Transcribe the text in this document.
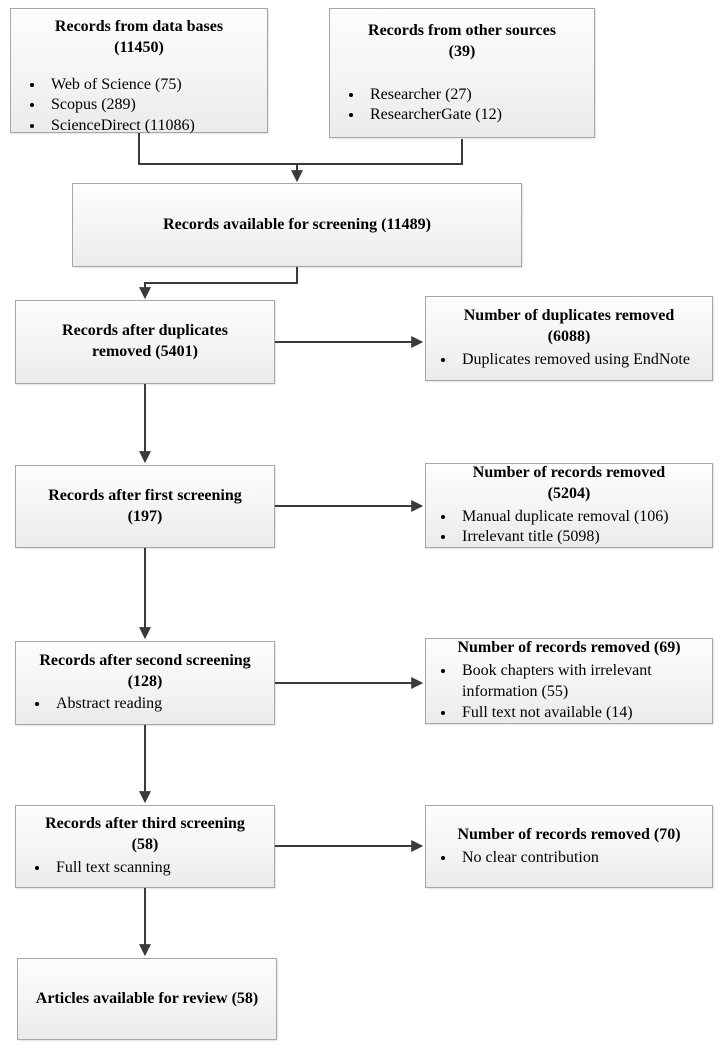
Records from data bases
(11450)
• Web of Science (75)
• Scopus (289)
• ScienceDirect (11086)
Records from other sources
(39)
• Researcher (27)
• ResearcherGate (12)
Records available for screening (11489)
Records after duplicates
removed (5401)
Number of duplicates removed
(6088)
• Duplicates removed using EndNote
Records after first screening
(197)
Number of records removed
(5204)
• Manual duplicate removal (106)
• Irrelevant title (5098)
Records after second screening
(128)
• Abstract reading
Number of records removed (69)
• Book chapters with irrelevant information (55)
• Full text not available (14)
Records after third screening
(58)
• Full text scanning
Number of records removed (70)
• No clear contribution
Articles available for review (58)
